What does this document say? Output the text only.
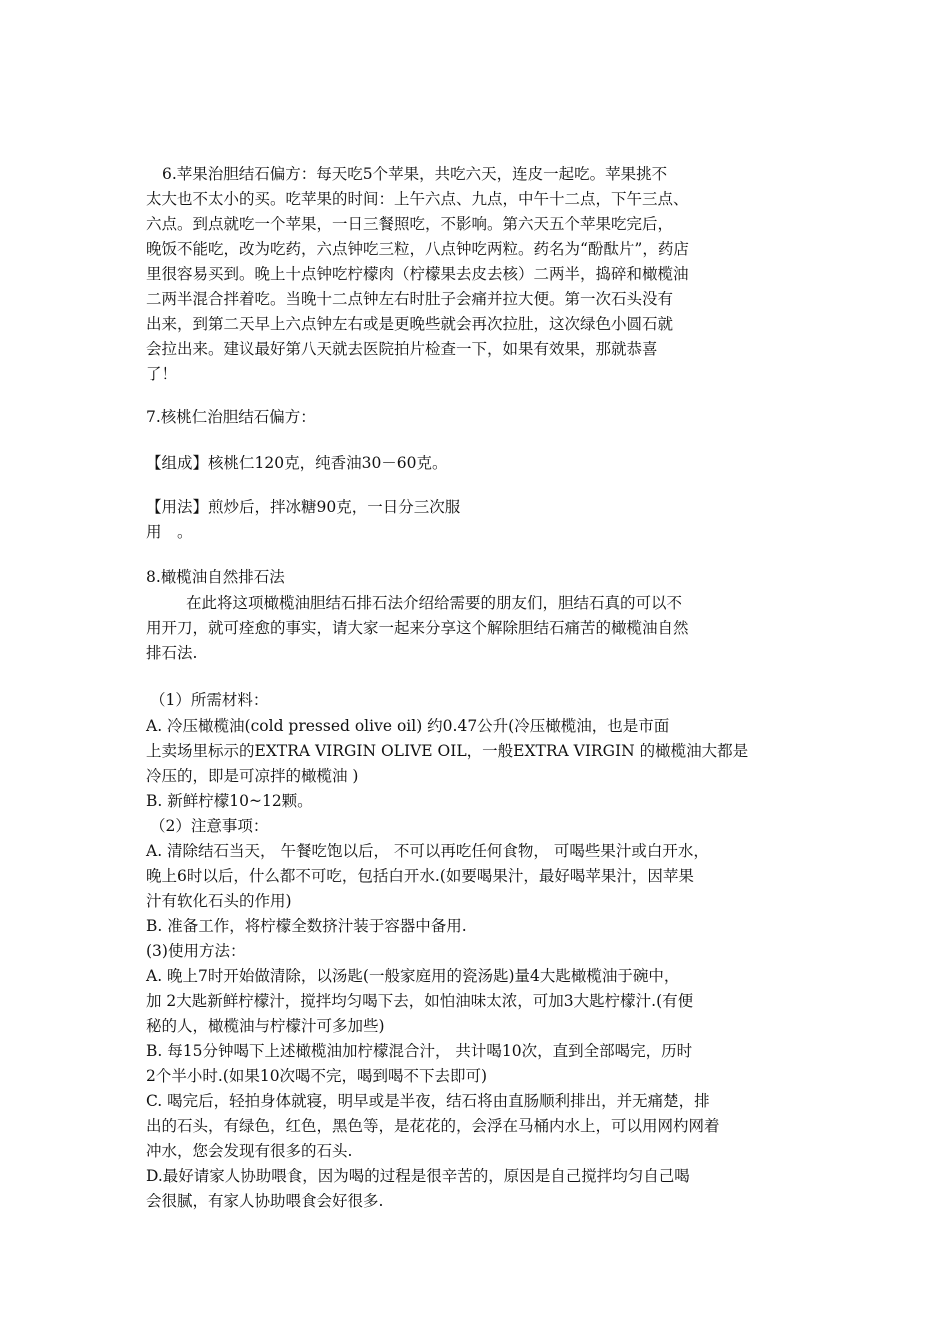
6.苹果治胆结石偏方：每天吃5个苹果，共吃六天，连皮一起吃。苹果挑不
太大也不太小的买。吃苹果的时间：上午六点、九点，中午十二点，下午三点、
六点。到点就吃一个苹果，一日三餐照吃，不影响。第六天五个苹果吃完后，
晚饭不能吃，改为吃药，六点钟吃三粒，八点钟吃两粒。药名为“酚酞片”，药店
里很容易买到。晚上十点钟吃柠檬肉（柠檬果去皮去核）二两半，捣碎和橄榄油
二两半混合拌着吃。当晚十二点钟左右时肚子会痛并拉大便。第一次石头没有
出来，到第二天早上六点钟左右或是更晚些就会再次拉肚，这次绿色小圆石就
会拉出来。建议最好第八天就去医院拍片检查一下，如果有效果，那就恭喜
了！
7.核桃仁治胆结石偏方：
【组成】核桃仁120克，纯香油30－60克。
【用法】煎炒后，拌冰糖90克，一日分三次服
用　。
8.橄榄油自然排石法
在此将这项橄榄油胆结石排石法介绍给需要的朋友们，胆结石真的可以不
用开刀，就可痊愈的事实，请大家一起来分享这个解除胆结石痛苦的橄榄油自然
排石法.
（1）所需材料：
A. 冷压橄榄油(cold pressed olive oil) 约0.47公升(冷压橄榄油，也是市面
上卖场里标示的EXTRA VIRGIN OLIVE OIL，一般EXTRA VIRGIN 的橄榄油大都是
冷压的，即是可凉拌的橄榄油 )
B. 新鲜柠檬10~12颗。
（2）注意事项：
A. 清除结石当天， 午餐吃饱以后， 不可以再吃任何食物， 可喝些果汁或白开水，
晚上6时以后，什么都不可吃，包括白开水.(如要喝果汁，最好喝苹果汁，因苹果
汁有软化石头的作用)
B. 准备工作，将柠檬全数挤汁装于容器中备用.
(3)使用方法：
A. 晚上7时开始做清除，以汤匙(一般家庭用的瓷汤匙)量4大匙橄榄油于碗中，
加 2大匙新鲜柠檬汁，搅拌均匀喝下去，如怕油味太浓，可加3大匙柠檬汁.(有便
秘的人，橄榄油与柠檬汁可多加些)
B. 每15分钟喝下上述橄榄油加柠檬混合汁， 共计喝10次，直到全部喝完，历时
2个半小时.(如果10次喝不完，喝到喝不下去即可)
C. 喝完后，轻拍身体就寝，明早或是半夜，结石将由直肠顺利排出，并无痛楚，排
出的石头，有绿色，红色，黑色等，是花花的，会浮在马桶内水上，可以用网杓网着
冲水，您会发现有很多的石头.
D.最好请家人协助喂食，因为喝的过程是很辛苦的，原因是自己搅拌均匀自己喝
会很腻，有家人协助喂食会好很多.
